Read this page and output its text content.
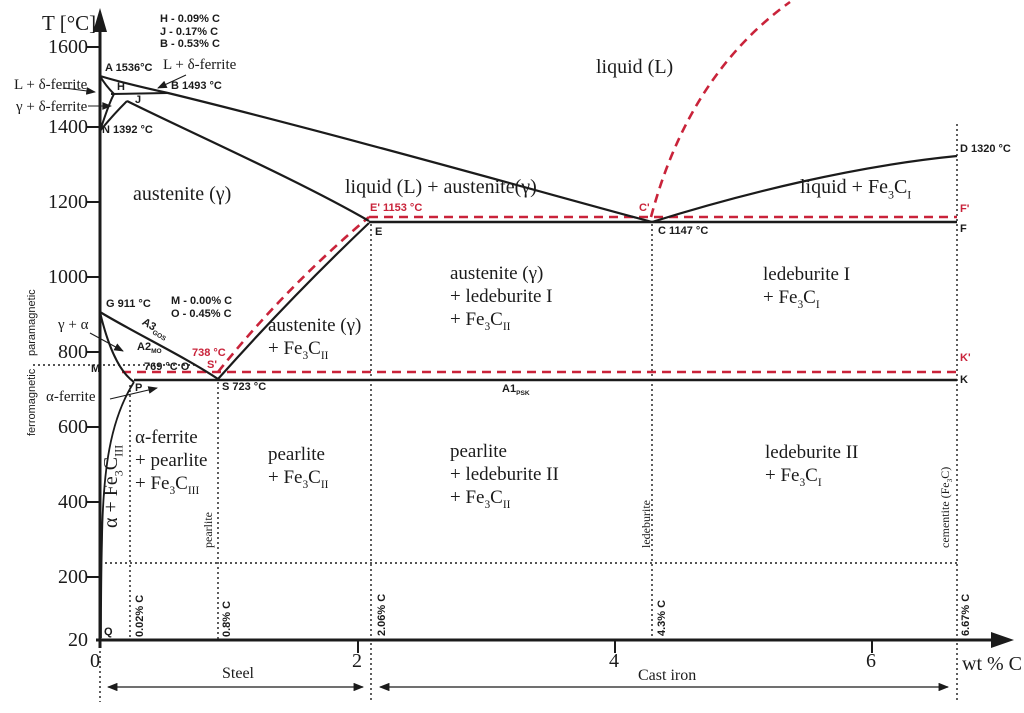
T [°C]
1600
1400
1200
1000
800
600
400
200
20
0	2	4	6	wt % C
H - 0.09% C
J - 0.17% C
B - 0.53% C
M - 0.00% C
O - 0.45% C
A 1536°C
H	B 1493 °C
J
N 1392 °C
G 911 °C
M	769 °C O
P	S 723 °C
Q
E	C 1147 °C
D 1320 °C
F
K
E' 1153 °C	C'
738 °C
S'
F'
K'
$A1_{PSK}$
$A2_{MO}$
$A3_{GOS}$
L + δ-ferrite
γ + δ-ferrite
L + δ-ferrite
γ + α
α-ferrite
paramagnetic
ferromagnetic
liquid (L)
liquid (L) + austenite(γ)
austenite (γ)	liquid + $Fe_3C_I$
austenite (γ)
+ ledeburite I
+ $Fe_3C_{II}$
ledeburite I
+ $Fe_3C_I$
austenite (γ)
+ $Fe_3C_{II}$
α-ferrite
+ pearlite
+ $Fe_3C_{III}$
pearlite
+ $Fe_3C_{II}$
pearlite
+ ledeburite II
+ $Fe_3C_{II}$
ledeburite II
+ $Fe_3C_I$
$\alpha + Fe_3C_{III}$
0.02% C	0.8% C	2.06% C	4.3% C	6.67% C
pearlite	ledeburite	cementite $(Fe_3C)$
Steel	Cast iron
